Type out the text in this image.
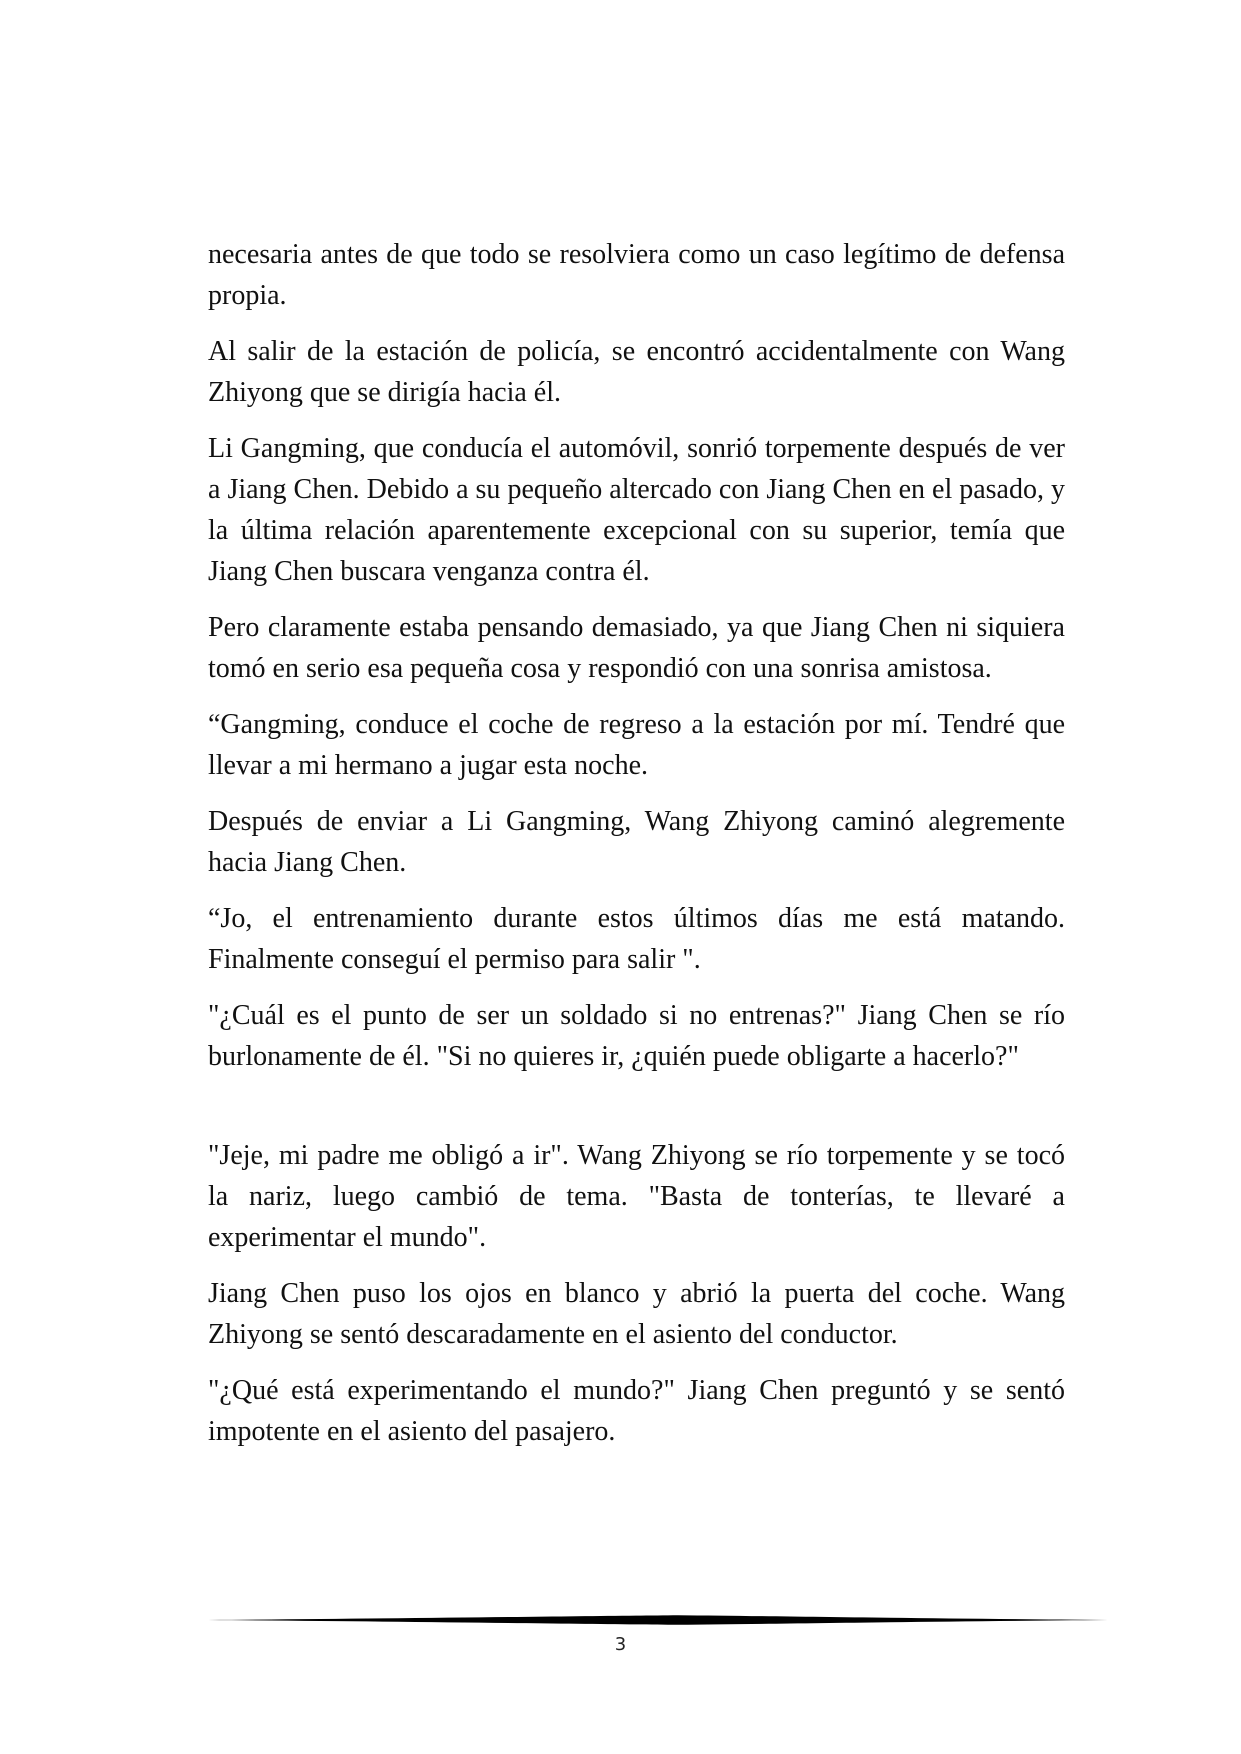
necesaria antes de que todo se resolviera como un caso legítimo de defensa propia.

Al salir de la estación de policía, se encontró accidentalmente con Wang Zhiyong que se dirigía hacia él.

Li Gangming, que conducía el automóvil, sonrió torpemente después de ver a Jiang Chen. Debido a su pequeño altercado con Jiang Chen en el pasado, y la última relación aparentemente excepcional con su superior, temía que Jiang Chen buscara venganza contra él.

Pero claramente estaba pensando demasiado, ya que Jiang Chen ni siquiera tomó en serio esa pequeña cosa y respondió con una sonrisa amistosa.

“Gangming, conduce el coche de regreso a la estación por mí. Tendré que llevar a mi hermano a jugar esta noche.

Después de enviar a Li Gangming, Wang Zhiyong caminó alegremente hacia Jiang Chen.

“Jo, el entrenamiento durante estos últimos días me está matando. Finalmente conseguí el permiso para salir ".

"¿Cuál es el punto de ser un soldado si no entrenas?" Jiang Chen se río burlonamente de él. "Si no quieres ir, ¿quién puede obligarte a hacerlo?"

"Jeje, mi padre me obligó a ir". Wang Zhiyong se río torpemente y se tocó la nariz, luego cambió de tema. "Basta de tonterías, te llevaré a experimentar el mundo".

Jiang Chen puso los ojos en blanco y abrió la puerta del coche. Wang Zhiyong se sentó descaradamente en el asiento del conductor.

"¿Qué está experimentando el mundo?" Jiang Chen preguntó y se sentó impotente en el asiento del pasajero.

3
